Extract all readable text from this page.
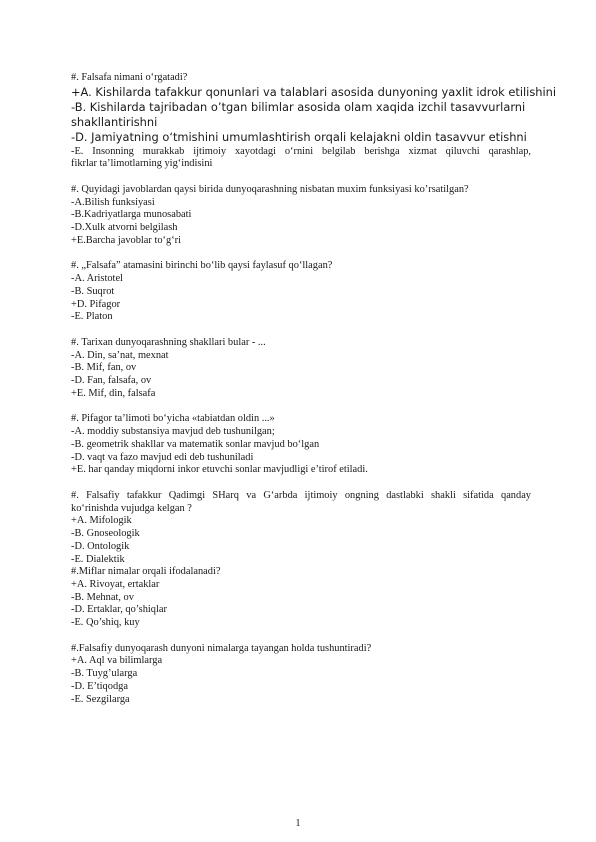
#. Falsafa nimani o‘rgatadi?
+A. Kishilarda tafakkur qonunlari va talablari asosida dunyoning yaxlit idrok etilishini
-B. Kishilarda tajribadan o’tgan bilimlar asosida olam xaqida izchil tasavvurlarni shakllantirishni
-D. Jamiyatning o‘tmishini umumlashtirish orqali kelajakni oldin tasavvur etishni
-E. Insonning murakkab ijtimoiy xayotdagi o‘rnini belgilab berishga xizmat qiluvchi qarashlap,
fikrlar ta’limotlarning yig‘indisini
#. Quyidagi javoblardan qaysi birida dunyoqarashning nisbatan muxim funksiyasi ko’rsatilgan?
-A.Bilish funksiyasi
-B.Kadriyatlarga munosabati
-D.Xulk atvorni belgilash
+E.Barcha javoblar to‘g‘ri
#. „Falsafa” atamasini birinchi bo‘lib qaysi faylasuf qo‘llagan?
-A. Aristotel
-B. Suqrot
+D. Pifagor
-E. Platon
#. Tarixan dunyoqarashning shakllari bular - ...
-A. Din, sa’nat, mexnat
-B. Mif, fan, ov
-D. Fan, falsafa, ov
+E. Mif, din, falsafa
#. Pifagor ta’limoti bo‘yicha «tabiatdan oldin ...»
-A. moddiy substansiya mavjud deb tushunilgan;
-B. geometrik shakllar va matematik sonlar mavjud bo‘lgan
-D. vaqt va fazo mavjud edi deb tushuniladi
+E. har qanday miqdorni inkor etuvchi sonlar mavjudligi e’tirof etiladi.
#. Falsafiy tafakkur Qadimgi SHarq va G‘arbda ijtimoiy ongning dastlabki shakli sifatida qanday
ko‘rinishda vujudga kelgan ?
+A. Mifologik
-B. Gnoseologik
-D. Ontologik
-E. Dialektik
#.Miflar nimalar orqali ifodalanadi?
+A. Rivoyat, ertaklar
-B. Mehnat, ov
-D. Ertaklar, qo’shiqlar
-E. Qo’shiq, kuy
#.Falsafiy dunyoqarash dunyoni nimalarga tayangan holda tushuntiradi?
+A. Aql va bilimlarga
-B. Tuyg’ularga
-D. E’tiqodga
-E. Sezgilarga
1
